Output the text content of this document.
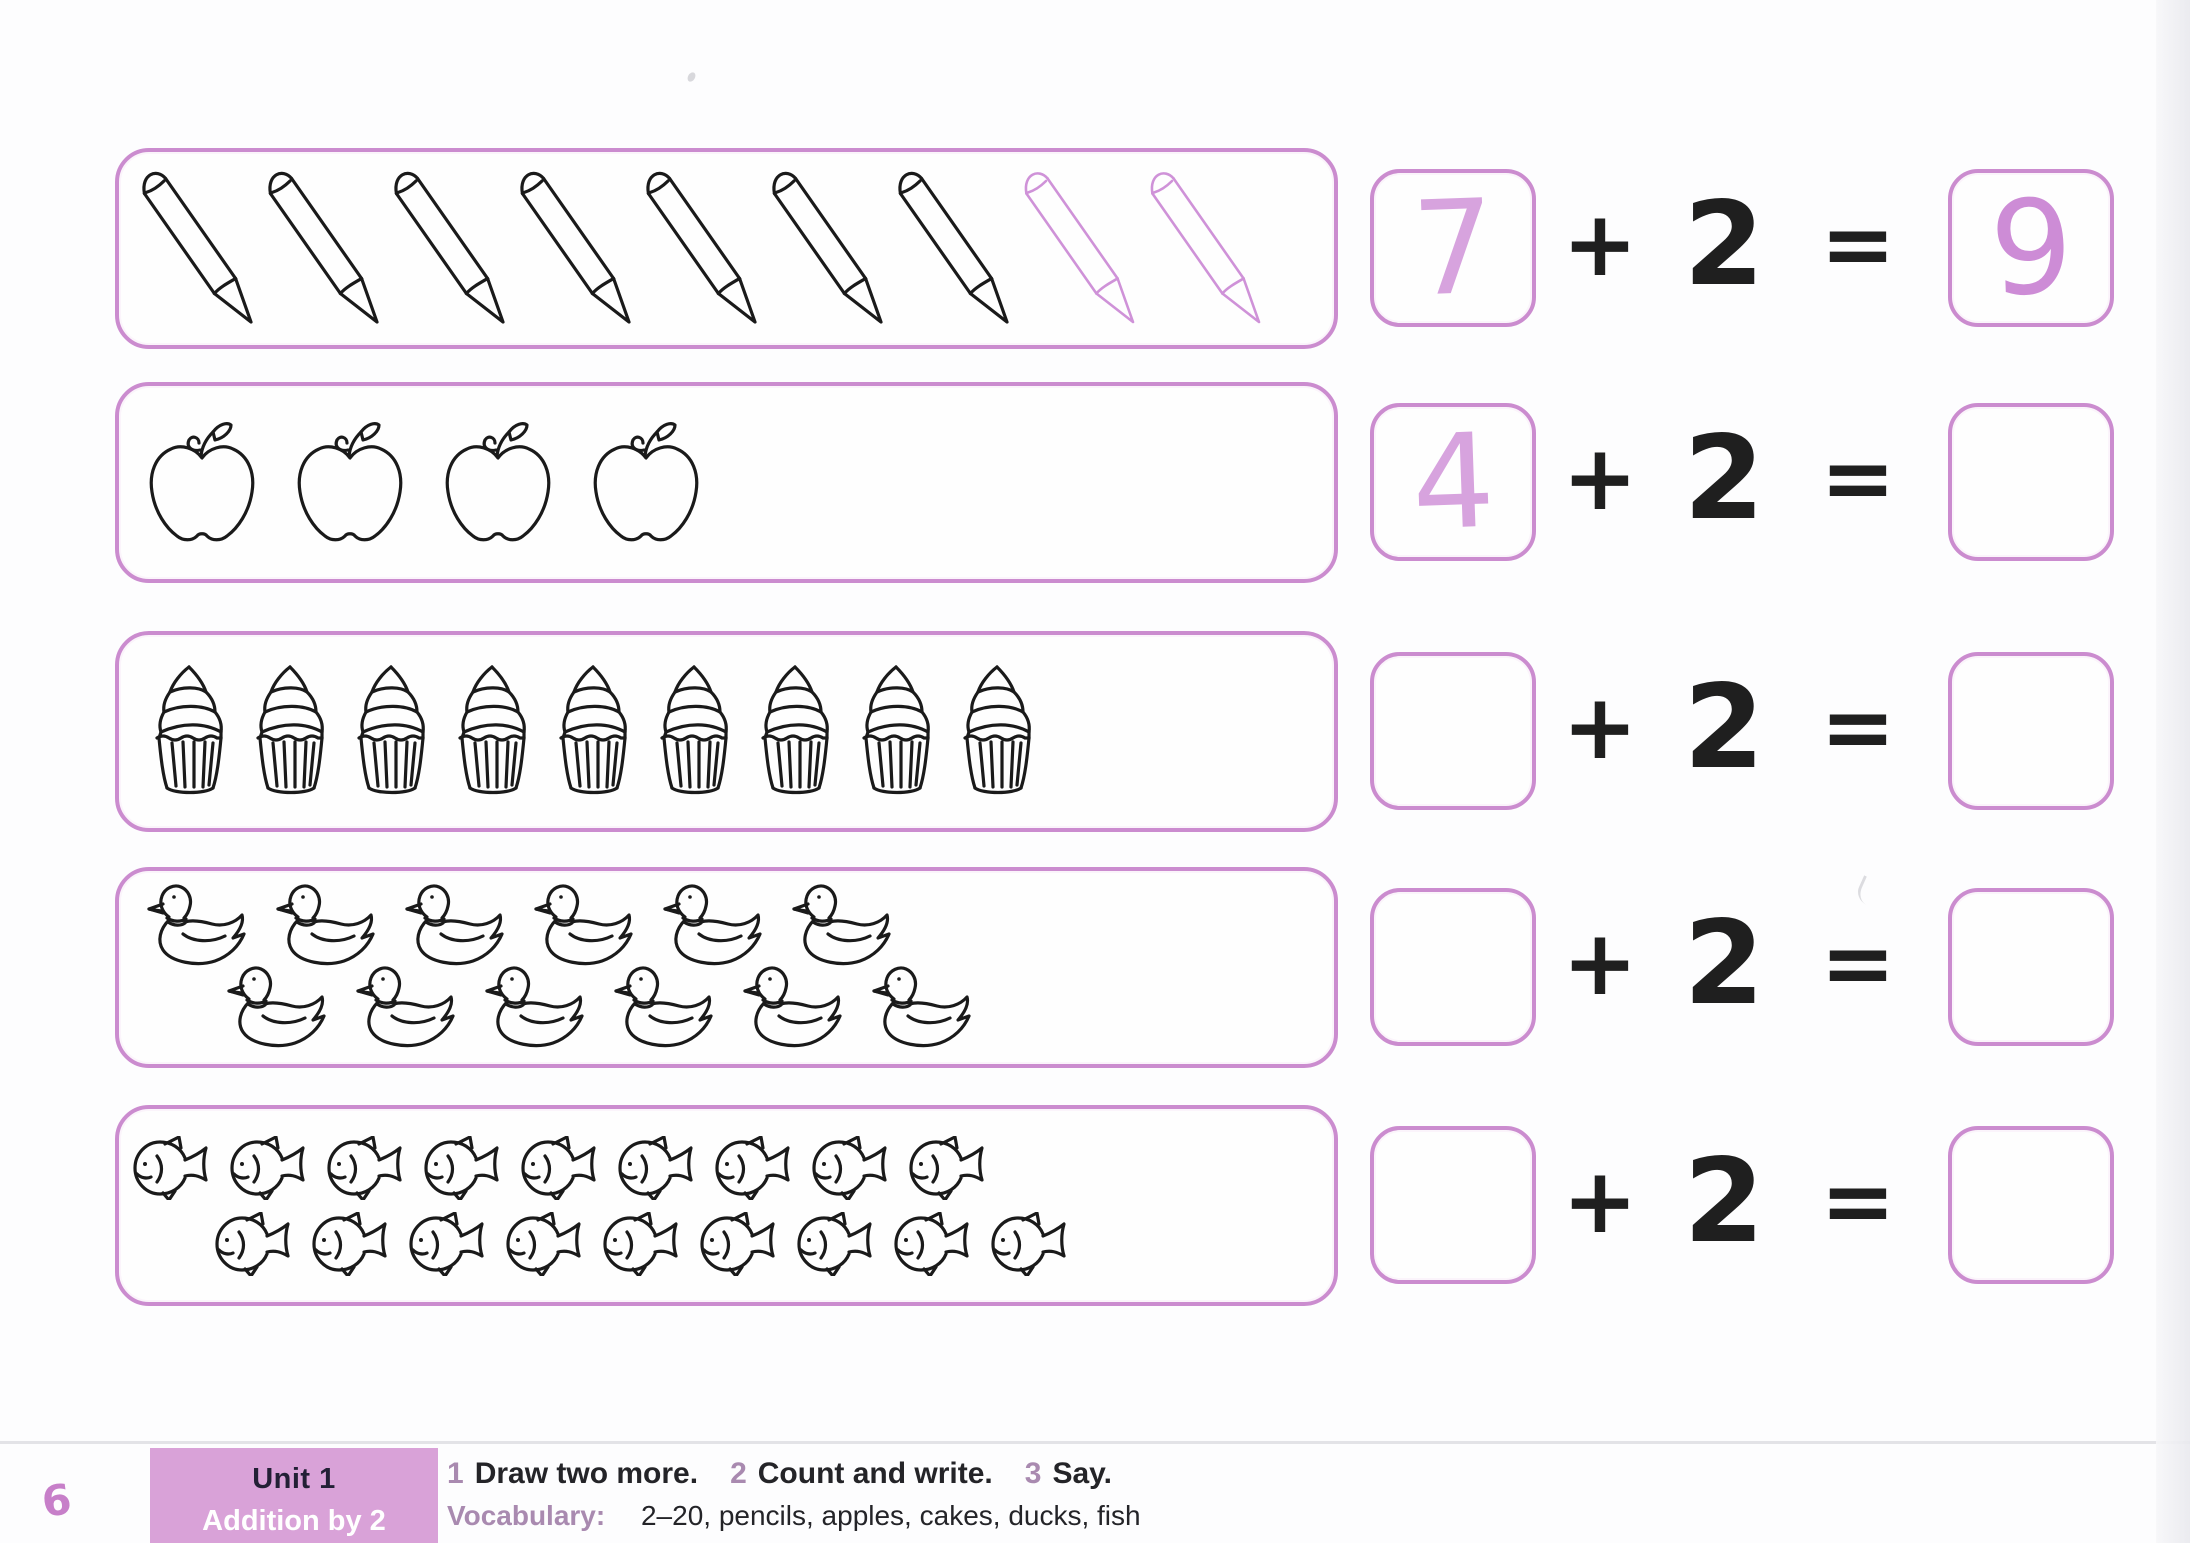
7 + 2 = 9
4 + 2 =
+ 2 =
+ 2 =
+ 2 =
6	Unit 1
Addition by 2
1 Draw two more. 2 Count and write. 3 Say.
Vocabulary: 2–20, pencils, apples, cakes, ducks, fish
